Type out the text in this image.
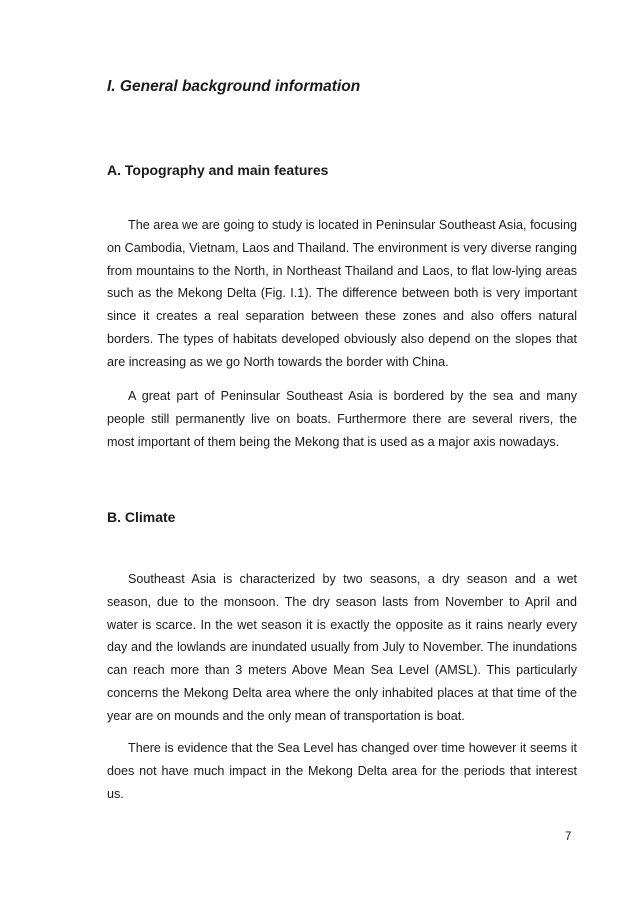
I. General background information
A. Topography and main features

The area we are going to study is located in Peninsular Southeast Asia, focusing on Cambodia, Vietnam, Laos and Thailand. The environment is very diverse ranging from mountains to the North, in Northeast Thailand and Laos, to flat low-lying areas such as the Mekong Delta (Fig. I.1). The difference between both is very important since it creates a real separation between these zones and also offers natural borders. The types of habitats developed obviously also depend on the slopes that are increasing as we go North towards the border with China.

A great part of Peninsular Southeast Asia is bordered by the sea and many people still permanently live on boats. Furthermore there are several rivers, the most important of them being the Mekong that is used as a major axis nowadays.

B. Climate

Southeast Asia is characterized by two seasons, a dry season and a wet season, due to the monsoon. The dry season lasts from November to April and water is scarce. In the wet season it is exactly the opposite as it rains nearly every day and the lowlands are inundated usually from July to November. The inundations can reach more than 3 meters Above Mean Sea Level (AMSL). This particularly concerns the Mekong Delta area where the only inhabited places at that time of the year are on mounds and the only mean of transportation is boat.

There is evidence that the Sea Level has changed over time however it seems it does not have much impact in the Mekong Delta area for the periods that interest us.

7
